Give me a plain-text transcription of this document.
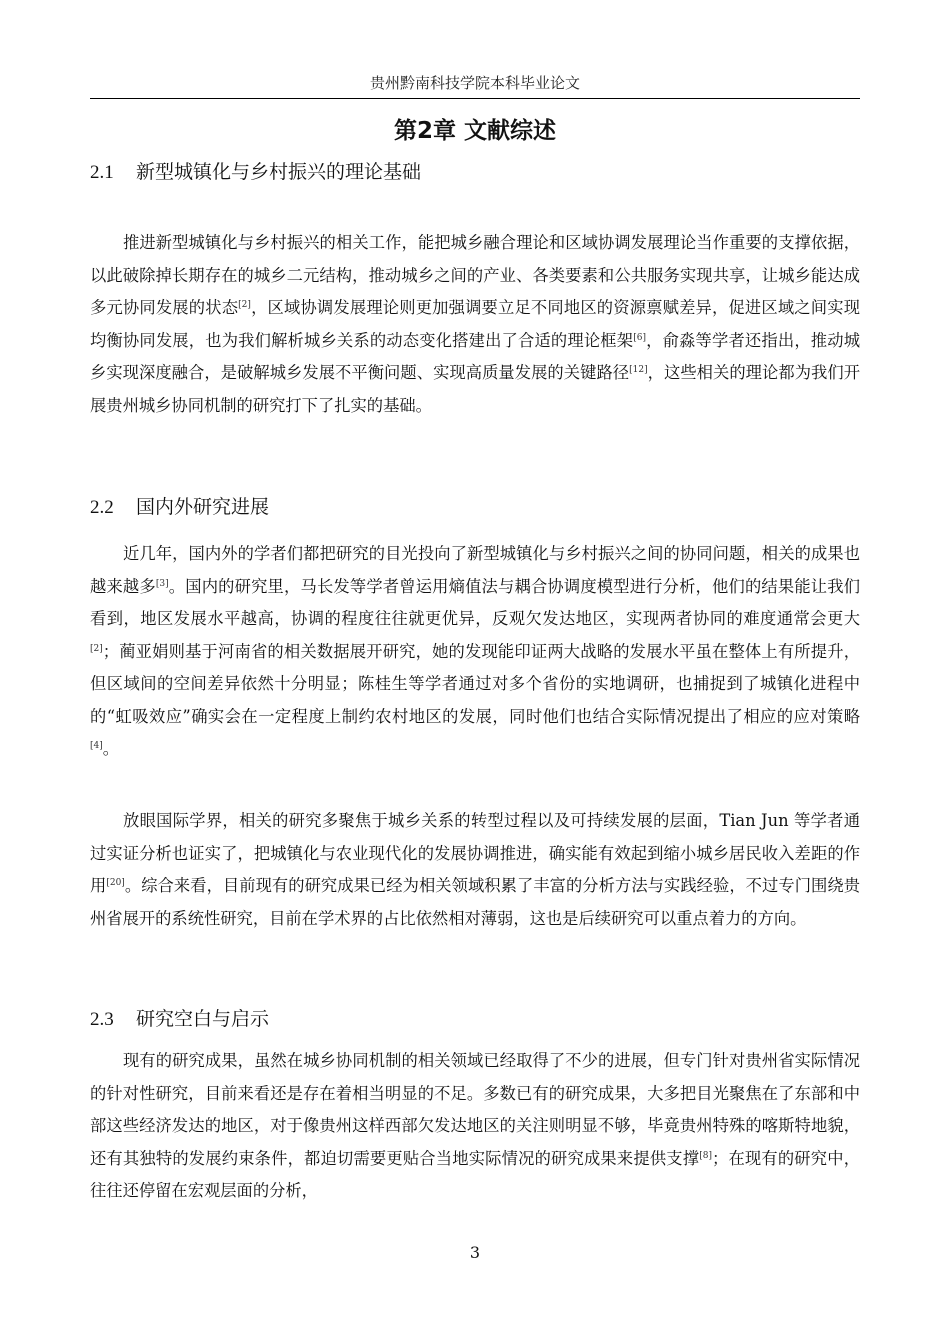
贵州黔南科技学院本科毕业论文
第2章 文献综述
2.1 新型城镇化与乡村振兴的理论基础

推进新型城镇化与乡村振兴的相关工作，能把城乡融合理论和区域协调发展理论当作重要的支撑依据，以此破除掉长期存在的城乡二元结构，推动城乡之间的产业、各类要素和公共服务实现共享，让城乡能达成多元协同发展的状态[2]，区域协调发展理论则更加强调要立足不同地区的资源禀赋差异，促进区域之间实现均衡协同发展，也为我们解析城乡关系的动态变化搭建出了合适的理论框架[6]，俞淼等学者还指出，推动城乡实现深度融合，是破解城乡发展不平衡问题、实现高质量发展的关键路径[12]，这些相关的理论都为我们开展贵州城乡协同机制的研究打下了扎实的基础。

2.2 国内外研究进展

近几年，国内外的学者们都把研究的目光投向了新型城镇化与乡村振兴之间的协同问题，相关的成果也越来越多[3]。国内的研究里，马长发等学者曾运用熵值法与耦合协调度模型进行分析，他们的结果能让我们看到，地区发展水平越高，协调的程度往往就更优异，反观欠发达地区，实现两者协同的难度通常会更大[2]；蔺亚娟则基于河南省的相关数据展开研究，她的发现能印证两大战略的发展水平虽在整体上有所提升，但区域间的空间差异依然十分明显；陈桂生等学者通过对多个省份的实地调研，也捕捉到了城镇化进程中的“虹吸效应”确实会在一定程度上制约农村地区的发展，同时他们也结合实际情况提出了相应的应对策略[4]。

放眼国际学界，相关的研究多聚焦于城乡关系的转型过程以及可持续发展的层面，Tian Jun 等学者通过实证分析也证实了，把城镇化与农业现代化的发展协调推进，确实能有效起到缩小城乡居民收入差距的作用[20]。综合来看，目前现有的研究成果已经为相关领域积累了丰富的分析方法与实践经验，不过专门围绕贵州省展开的系统性研究，目前在学术界的占比依然相对薄弱，这也是后续研究可以重点着力的方向。

2.3 研究空白与启示

现有的研究成果，虽然在城乡协同机制的相关领域已经取得了不少的进展，但专门针对贵州省实际情况的针对性研究，目前来看还是存在着相当明显的不足。多数已有的研究成果，大多把目光聚焦在了东部和中部这些经济发达的地区，对于像贵州这样西部欠发达地区的关注则明显不够，毕竟贵州特殊的喀斯特地貌，还有其独特的发展约束条件，都迫切需要更贴合当地实际情况的研究成果来提供支撑[8]；在现有的研究中，往往还停留在宏观层面的分析，

3
